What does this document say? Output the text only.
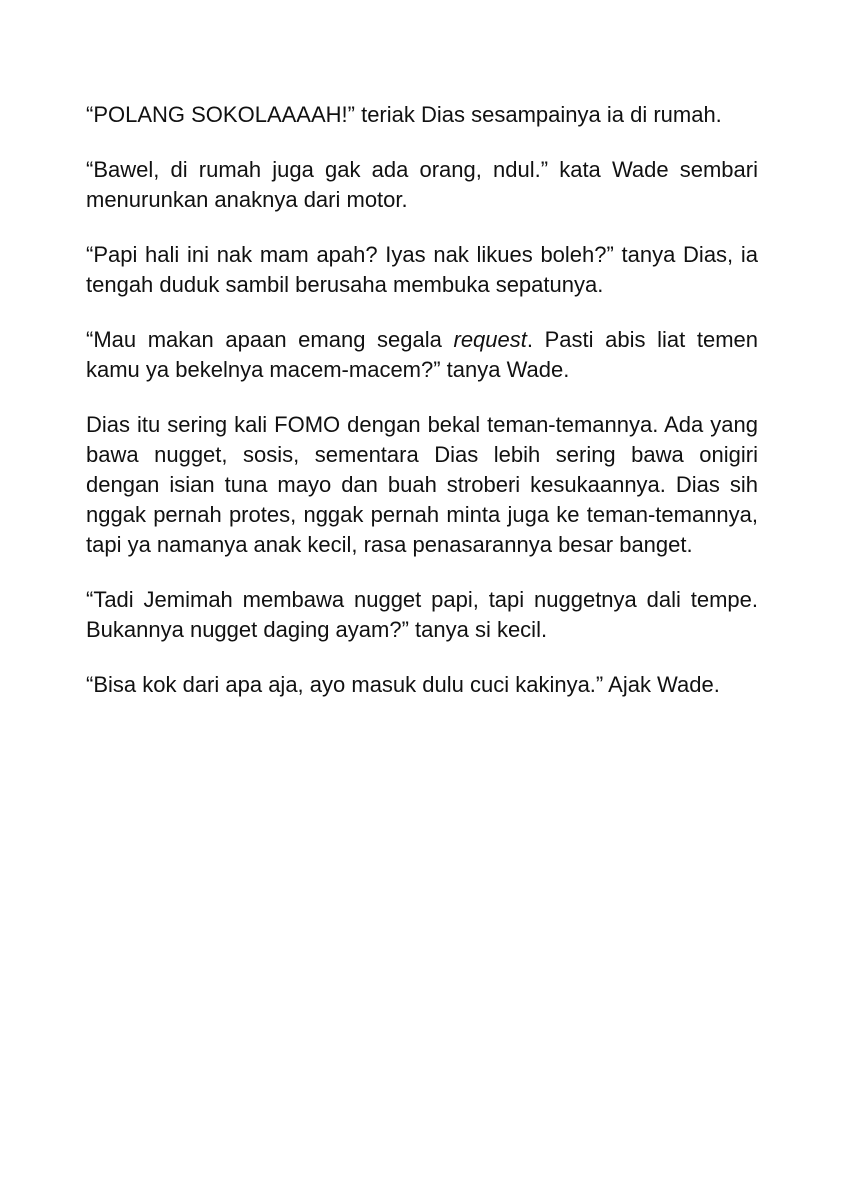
“POLANG SOKOLAAAAH!” teriak Dias sesampainya ia di rumah.

“Bawel, di rumah juga gak ada orang, ndul.” kata Wade sembari menurunkan anaknya dari motor.

“Papi hali ini nak mam apah? Iyas nak likues boleh?” tanya Dias, ia tengah duduk sambil berusaha membuka sepatunya.

“Mau makan apaan emang segala request. Pasti abis liat temen kamu ya bekelnya macem-macem?” tanya Wade.

Dias itu sering kali FOMO dengan bekal teman-temannya. Ada yang bawa nugget, sosis, sementara Dias lebih sering bawa onigiri dengan isian tuna mayo dan buah stroberi kesukaannya. Dias sih nggak pernah protes, nggak pernah minta juga ke teman-temannya, tapi ya namanya anak kecil, rasa penasarannya besar banget.

“Tadi Jemimah membawa nugget papi, tapi nuggetnya dali tempe. Bukannya nugget daging ayam?” tanya si kecil.

“Bisa kok dari apa aja, ayo masuk dulu cuci kakinya.” Ajak Wade.
